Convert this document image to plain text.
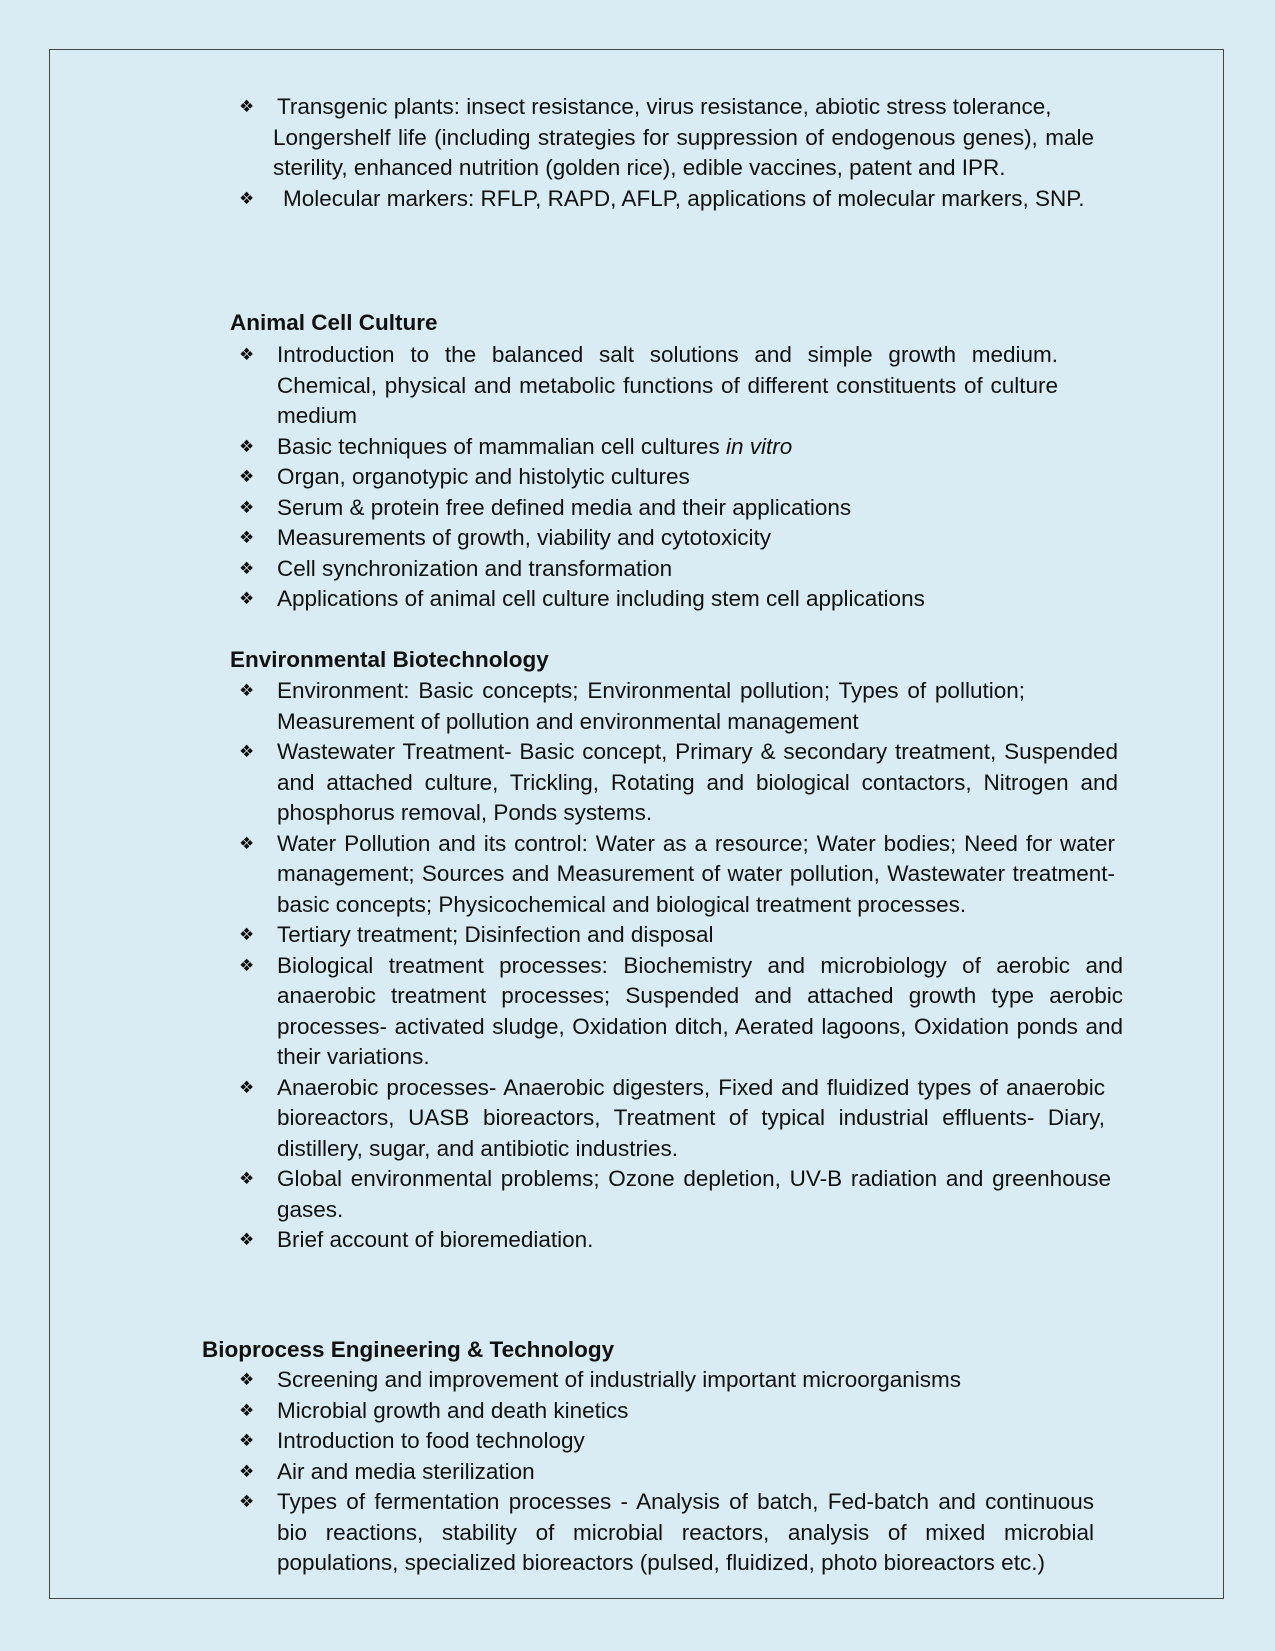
❖ Transgenic plants: insect resistance, virus resistance, abiotic stress tolerance,
Longershelf life (including strategies for suppression of endogenous genes), male sterility, enhanced nutrition (golden rice), edible vaccines, patent and IPR.
❖ Molecular markers: RFLP, RAPD, AFLP, applications of molecular markers, SNP.
Animal Cell Culture
❖ Introduction to the balanced salt solutions and simple growth medium. Chemical, physical and metabolic functions of different constituents of culture medium
❖ Basic techniques of mammalian cell cultures in vitro
❖ Organ, organotypic and histolytic cultures
❖ Serum & protein free defined media and their applications
❖ Measurements of growth, viability and cytotoxicity
❖ Cell synchronization and transformation
❖ Applications of animal cell culture including stem cell applications
Environmental Biotechnology
❖ Environment: Basic concepts; Environmental pollution; Types of pollution; Measurement of pollution and environmental management
❖ Wastewater Treatment- Basic concept, Primary & secondary treatment, Suspended and attached culture, Trickling, Rotating and biological contactors, Nitrogen and phosphorus removal, Ponds systems.
❖ Water Pollution and its control: Water as a resource; Water bodies; Need for water management; Sources and Measurement of water pollution, Wastewater treatment- basic concepts; Physicochemical and biological treatment processes.
❖ Tertiary treatment; Disinfection and disposal
❖ Biological treatment processes: Biochemistry and microbiology of aerobic and anaerobic treatment processes; Suspended and attached growth type aerobic processes- activated sludge, Oxidation ditch, Aerated lagoons, Oxidation ponds and their variations.
❖ Anaerobic processes- Anaerobic digesters, Fixed and fluidized types of anaerobic bioreactors, UASB bioreactors, Treatment of typical industrial effluents- Diary, distillery, sugar, and antibiotic industries.
❖ Global environmental problems; Ozone depletion, UV-B radiation and greenhouse gases.
❖ Brief account of bioremediation.
Bioprocess Engineering & Technology
❖ Screening and improvement of industrially important microorganisms
❖ Microbial growth and death kinetics
❖ Introduction to food technology
❖ Air and media sterilization
❖ Types of fermentation processes - Analysis of batch, Fed-batch and continuous bio reactions, stability of microbial reactors, analysis of mixed microbial populations, specialized bioreactors (pulsed, fluidized, photo bioreactors etc.)
